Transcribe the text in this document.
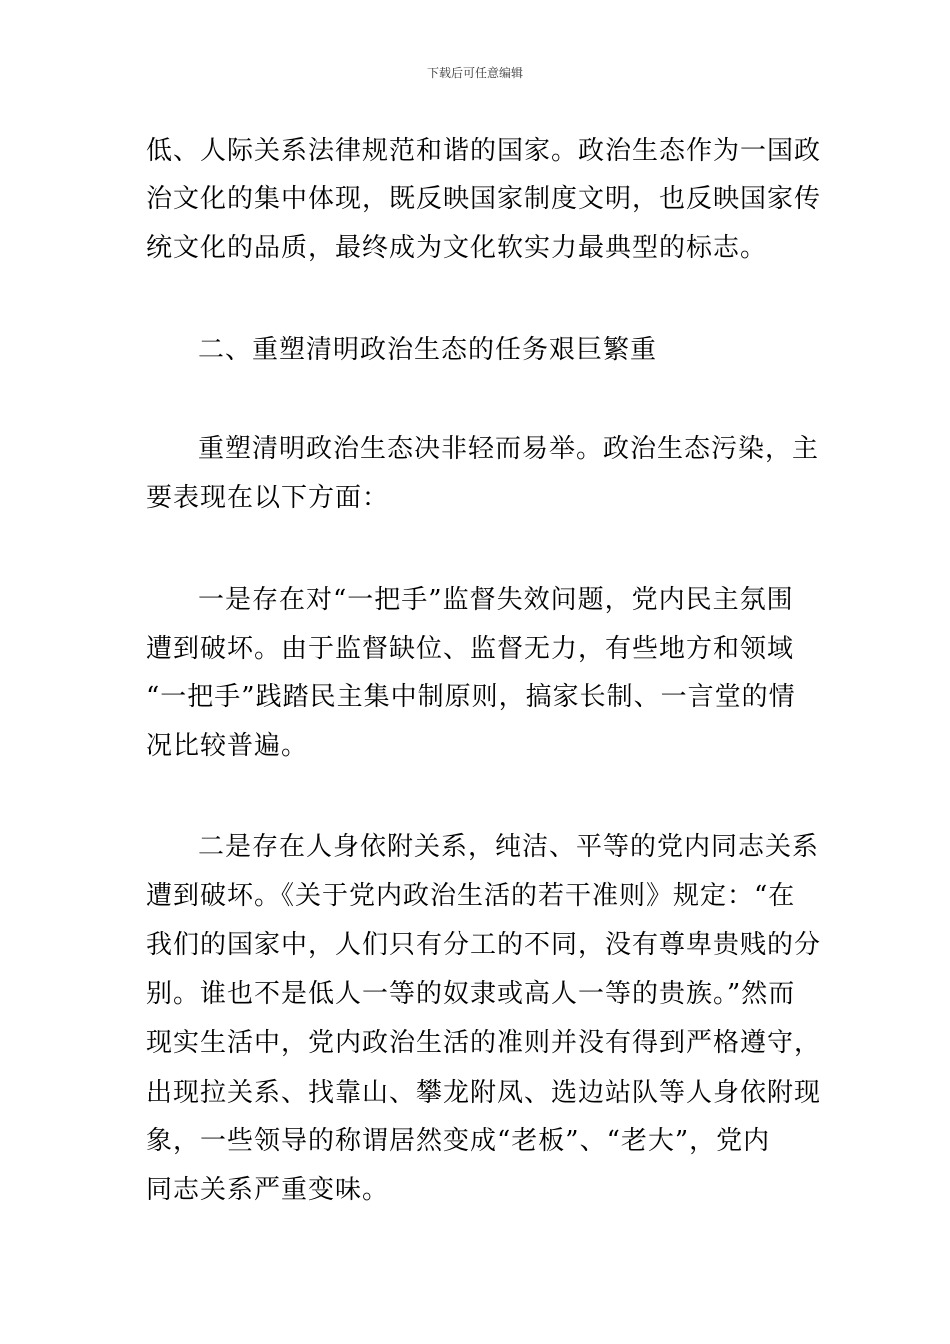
下载后可任意编辑
低、人际关系法律规范和谐的国家。政治生态作为一国政
治文化的集中体现，既反映国家制度文明，也反映国家传
统文化的品质，最终成为文化软实力最典型的标志。
二、重塑清明政治生态的任务艰巨繁重
重塑清明政治生态决非轻而易举。政治生态污染，主
要表现在以下方面：
一是存在对“一把手”监督失效问题，党内民主氛围
遭到破坏。由于监督缺位、监督无力，有些地方和领域
“一把手”践踏民主集中制原则，搞家长制、一言堂的情
况比较普遍。
二是存在人身依附关系，纯洁、平等的党内同志关系
遭到破坏。《关于党内政治生活的若干准则》规定：“在
我们的国家中，人们只有分工的不同，没有尊卑贵贱的分
别。谁也不是低人一等的奴隶或高人一等的贵族。”然而
现实生活中，党内政治生活的准则并没有得到严格遵守，
出现拉关系、找靠山、攀龙附凤、选边站队等人身依附现
象，一些领导的称谓居然变成“老板”、“老大”，党内
同志关系严重变味。
